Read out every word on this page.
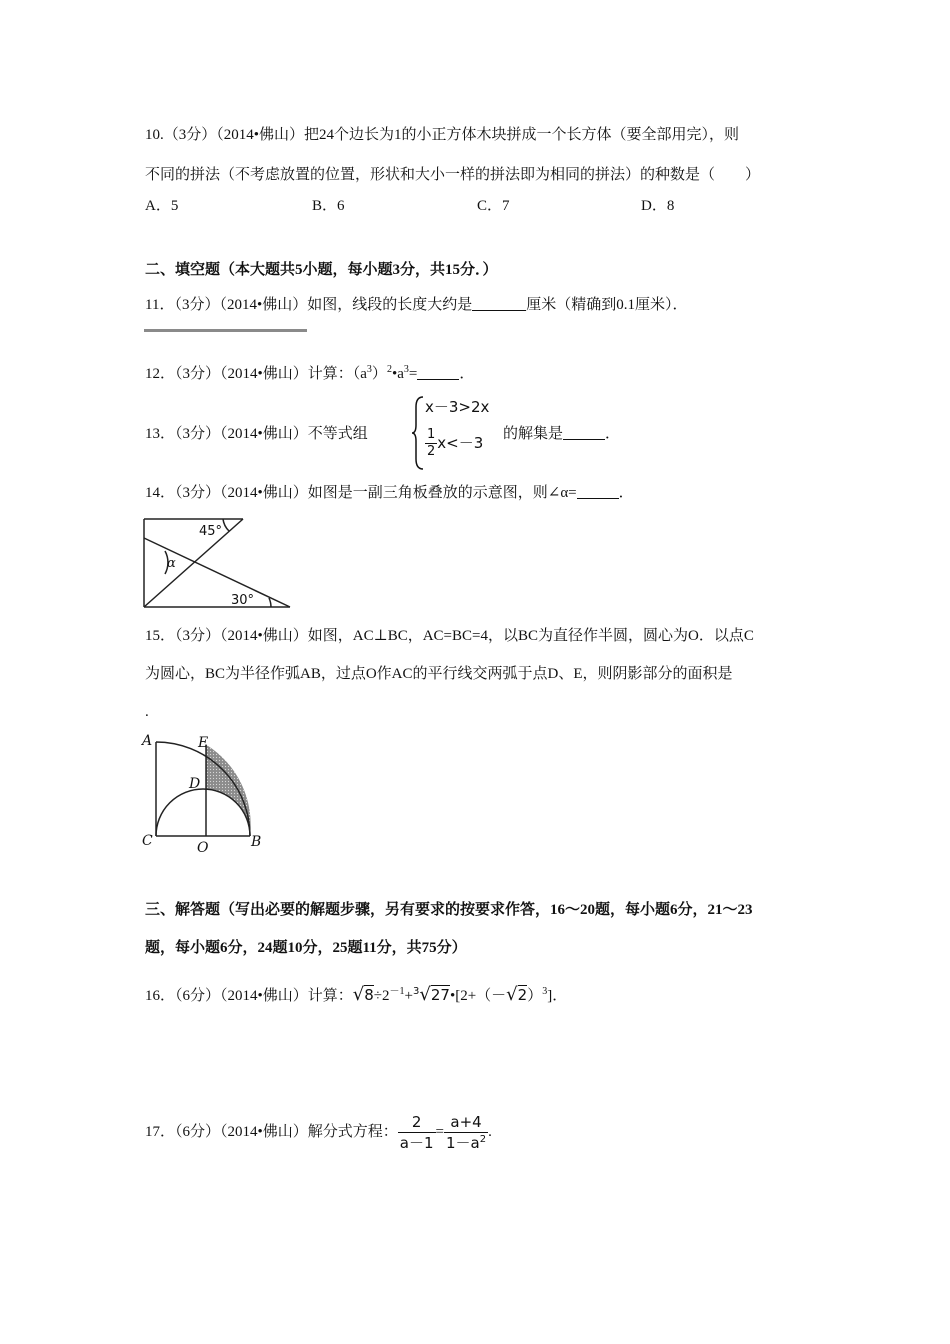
10.（3分）（2014•佛山）把24个边长为1的小正方体木块拼成一个长方体（要全部用完），则
不同的拼法（不考虑放置的位置，形状和大小一样的拼法即为相同的拼法）的种数是（　　）
A．5	B．6	C．7	D．8
二、填空题（本大题共5小题，每小题3分，共15分．）
11．（3分）（2014•佛山）如图，线段的长度大约是	厘米（精确到0.1厘米）．
12．（3分）（2014•佛山）计算：$(a^3)^2•a^3=$	．
13．（3分）（2014•佛山）不等式组
x－3>2x
$\frac{1}{2} x<-3$ 的解集是	．
14．（3分）（2014•佛山）如图是一副三角板叠放的示意图，则∠α=	．
45°
α
30°
15．（3分）（2014•佛山）如图，AC⊥BC，AC=BC=4，以BC为直径作半圆，圆心为O．以点C
为圆心，BC为半径作弧AB，过点O作AC的平行线交两弧于点D、E，则阴影部分的面积是
.
A	E
D
C	O	B
三、解答题（写出必要的解题步骤，另有要求的按要求作答，16～20题，每小题6分，21～23
题，每小题6分，24题10分，25题11分，共75分）
16．（6分）（2014•佛山）计算：$√8\div 2^{-1}+^3√27•[2+(-√2)^3]$．
17．（6分）（2014•佛山）解分式方程： $\frac{2}{a-1} = \frac{a+4}{1-a^2}$ .
